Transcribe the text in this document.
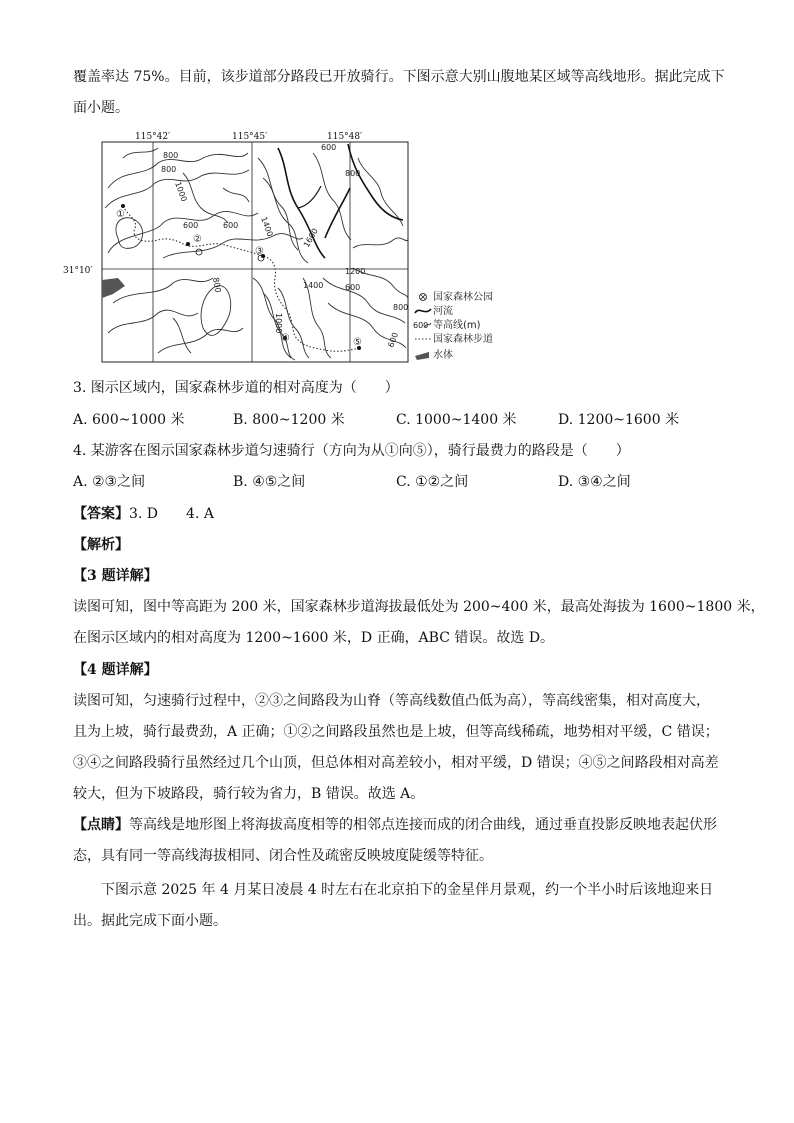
覆盖率达 75%。目前，该步道部分路段已开放骑行。下图示意大别山腹地某区域等高线地形。据此完成下

面小题。

115°42′	115°45′	115°48′
31°10′
①
②
③
④	⑤
800
1000
600	600
800
1400
1600
1200
1400
1000
800
600
800
600
800
600
国家森林公园
河流
600 等高线(m)
国家森林步道
水体

3. 图示区域内，国家森林步道的相对高度为（　　）

A. 600~1000 米	B. 800~1200 米	C. 1000~1400 米	D. 1200~1600 米

4. 某游客在图示国家森林步道匀速骑行（方向为从①向⑤），骑行最费力的路段是（　　）

A. ②③之间	B. ④⑤之间	C. ①②之间	D. ③④之间

【答案】3. D　　4. A

【解析】

【3 题详解】

读图可知，图中等高距为 200 米，国家森林步道海拔最低处为 200~400 米，最高处海拔为 1600~1800 米，

在图示区域内的相对高度为 1200~1600 米，D 正确，ABC 错误。故选 D。

【4 题详解】

读图可知，匀速骑行过程中，②③之间路段为山脊（等高线数值凸低为高），等高线密集，相对高度大，

且为上坡，骑行最费劲，A 正确；①②之间路段虽然也是上坡，但等高线稀疏，地势相对平缓，C 错误；

③④之间路段骑行虽然经过几个山顶，但总体相对高差较小，相对平缓，D 错误；④⑤之间路段相对高差

较大，但为下坡路段，骑行较为省力，B 错误。故选 A。

【点睛】等高线是地形图上将海拔高度相等的相邻点连接而成的闭合曲线，通过垂直投影反映地表起伏形

态，具有同一等高线海拔相同、闭合性及疏密反映坡度陡缓等特征。

下图示意 2025 年 4 月某日凌晨 4 时左右在北京拍下的金星伴月景观，约一个半小时后该地迎来日

出。据此完成下面小题。
